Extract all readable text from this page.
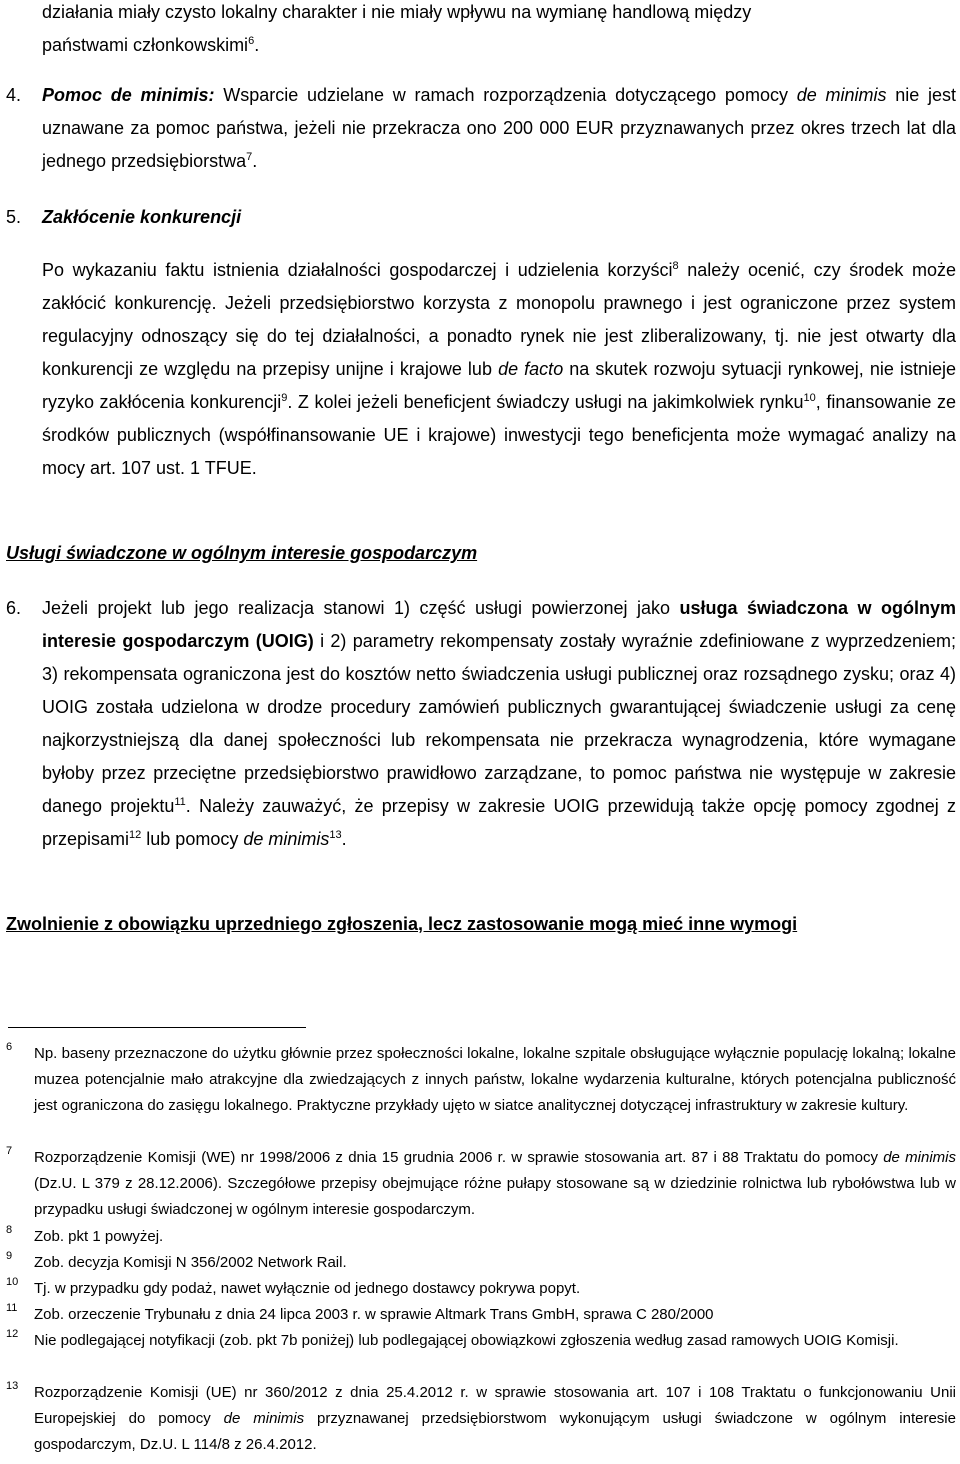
działania miały czysto lokalny charakter i nie miały wpływu na wymianę handlową między
państwami członkowskimi$^6$.
4. Pomoc de minimis: Wsparcie udzielane w ramach rozporządzenia dotyczącego pomocy de minimis nie jest uznawane za pomoc państwa, jeżeli nie przekracza ono 200 000 EUR przyznawanych przez okres trzech lat dla jednego przedsiębiorstwa$^7$.
5. Zakłócenie konkurencji
Po wykazaniu faktu istnienia działalności gospodarczej i udzielenia korzyści$^8$ należy ocenić, czy środek może zakłócić konkurencję. Jeżeli przedsiębiorstwo korzysta z monopolu prawnego i jest ograniczone przez system regulacyjny odnoszący się do tej działalności, a ponadto rynek nie jest zliberalizowany, tj. nie jest otwarty dla konkurencji ze względu na przepisy unijne i krajowe lub de facto na skutek rozwoju sytuacji rynkowej, nie istnieje ryzyko zakłócenia konkurencji$^9$. Z kolei jeżeli beneficjent świadczy usługi na jakimkolwiek rynku$^{10}$, finansowanie ze środków publicznych (współfinansowanie UE i krajowe) inwestycji tego beneficjenta może wymagać analizy na mocy art. 107 ust. 1 TFUE.
Usługi świadczone w ogólnym interesie gospodarczym
6. Jeżeli projekt lub jego realizacja stanowi 1) część usługi powierzonej jako usługa świadczona w ogólnym interesie gospodarczym (UOIG) i 2) parametry rekompensaty zostały wyraźnie zdefiniowane z wyprzedzeniem; 3) rekompensata ograniczona jest do kosztów netto świadczenia usługi publicznej oraz rozsądnego zysku; oraz 4) UOIG została udzielona w drodze procedury zamówień publicznych gwarantującej świadczenie usługi za cenę najkorzystniejszą dla danej społeczności lub rekompensata nie przekracza wynagrodzenia, które wymagane byłoby przez przeciętne przedsiębiorstwo prawidłowo zarządzane, to pomoc państwa nie występuje w zakresie danego projektu$^{11}$. Należy zauważyć, że przepisy w zakresie UOIG przewidują także opcję pomocy zgodnej z przepisami$^{12}$ lub pomocy de minimis$^{13}$.
Zwolnienie z obowiązku uprzedniego zgłoszenia, lecz zastosowanie mogą mieć inne wymogi
6 Np. baseny przeznaczone do użytku głównie przez społeczności lokalne, lokalne szpitale obsługujące wyłącznie populację lokalną; lokalne muzea potencjalnie mało atrakcyjne dla zwiedzających z innych państw, lokalne wydarzenia kulturalne, których potencjalna publiczność jest ograniczona do zasięgu lokalnego. Praktyczne przykłady ujęto w siatce analitycznej dotyczącej infrastruktury w zakresie kultury.
7 Rozporządzenie Komisji (WE) nr 1998/2006 z dnia 15 grudnia 2006 r. w sprawie stosowania art. 87 i 88 Traktatu do pomocy de minimis (Dz.U. L 379 z 28.12.2006). Szczegółowe przepisy obejmujące różne pułapy stosowane są w dziedzinie rolnictwa lub rybołówstwa lub w przypadku usługi świadczonej w ogólnym interesie gospodarczym.
8 Zob. pkt 1 powyżej.
9 Zob. decyzja Komisji N 356/2002 Network Rail.
10 Tj. w przypadku gdy podaż, nawet wyłącznie od jednego dostawcy pokrywa popyt.
11 Zob. orzeczenie Trybunału z dnia 24 lipca 2003 r. w sprawie Altmark Trans GmbH, sprawa C 280/2000
12 Nie podlegającej notyfikacji (zob. pkt 7b poniżej) lub podlegającej obowiązkowi zgłoszenia według zasad ramowych UOIG Komisji.
13 Rozporządzenie Komisji (UE) nr 360/2012 z dnia 25.4.2012 r. w sprawie stosowania art. 107 i 108 Traktatu o funkcjonowaniu Unii Europejskiej do pomocy de minimis przyznawanej przedsiębiorstwom wykonującym usługi świadczone w ogólnym interesie gospodarczym, Dz.U. L 114/8 z 26.4.2012.
